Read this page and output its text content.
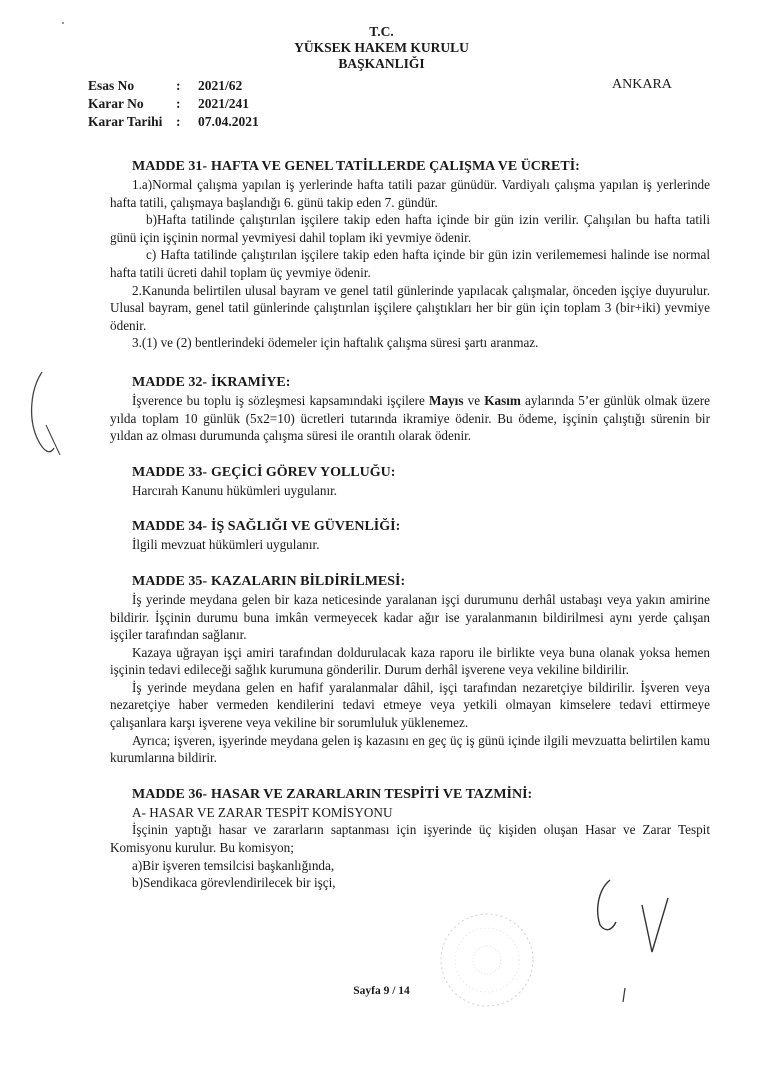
T.C.
YÜKSEK HAKEM KURULU
BAŞKANLIĞI
Esas No	: 2021/62
Karar No : 2021/241
Karar Tarihi : 07.04.2021
ANKARA
MADDE 31- HAFTA VE GENEL TATİLLERDE ÇALIŞMA VE ÜCRETİ:

1.a)Normal çalışma yapılan iş yerlerinde hafta tatili pazar günüdür. Vardiyalı çalışma yapılan iş yerlerinde hafta tatili, çalışmaya başlandığı 6. günü takip eden 7. gündür.

b)Hafta tatilinde çalıştırılan işçilere takip eden hafta içinde bir gün izin verilir. Çalışılan bu hafta tatili günü için işçinin normal yevmiyesi dahil toplam iki yevmiye ödenir.

c) Hafta tatilinde çalıştırılan işçilere takip eden hafta içinde bir gün izin verilememesi halinde ise normal hafta tatili ücreti dahil toplam üç yevmiye ödenir.

2.Kanunda belirtilen ulusal bayram ve genel tatil günlerinde yapılacak çalışmalar, önceden işçiye duyurulur. Ulusal bayram, genel tatil günlerinde çalıştırılan işçilere çalıştıkları her bir gün için toplam 3 (bir+iki) yevmiye ödenir.

3.(1) ve (2) bentlerindeki ödemeler için haftalık çalışma süresi şartı aranmaz.

MADDE 32- İKRAMİYE:

İşverence bu toplu iş sözleşmesi kapsamındaki işçilere Mayıs ve Kasım aylarında 5’er günlük olmak üzere yılda toplam 10 günlük (5x2=10) ücretleri tutarında ikramiye ödenir. Bu ödeme, işçinin çalıştığı sürenin bir yıldan az olması durumunda çalışma süresi ile orantılı olarak ödenir.

MADDE 33- GEÇİCİ GÖREV YOLLUĞU:

Harcırah Kanunu hükümleri uygulanır.

MADDE 34- İŞ SAĞLIĞI VE GÜVENLİĞİ:

İlgili mevzuat hükümleri uygulanır.

MADDE 35- KAZALARIN BİLDİRİLMESİ:

İş yerinde meydana gelen bir kaza neticesinde yaralanan işçi durumunu derhâl ustabaşı veya yakın amirine bildirir. İşçinin durumu buna imkân vermeyecek kadar ağır ise yaralanmanın bildirilmesi aynı yerde çalışan işçiler tarafından sağlanır.

Kazaya uğrayan işçi amiri tarafından doldurulacak kaza raporu ile birlikte veya buna olanak yoksa hemen işçinin tedavi edileceği sağlık kurumuna gönderilir. Durum derhâl işverene veya vekiline bildirilir.

İş yerinde meydana gelen en hafif yaralanmalar dâhil, işçi tarafından nezaretçiye bildirilir. İşveren veya nezaretçiye haber vermeden kendilerini tedavi etmeye veya yetkili olmayan kimselere tedavi ettirmeye çalışanlara karşı işverene veya vekiline bir sorumluluk yüklenemez.

Ayrıca; işveren, işyerinde meydana gelen iş kazasını en geç üç iş günü içinde ilgili mevzuatta belirtilen kamu kurumlarına bildirir.

MADDE 36- HASAR VE ZARARLARIN TESPİTİ VE TAZMİNİ:

A- HASAR VE ZARAR TESPİT KOMİSYONU

İşçinin yaptığı hasar ve zararların saptanması için işyerinde üç kişiden oluşan Hasar ve Zarar Tespit Komisyonu kurulur. Bu komisyon;

a)Bir işveren temsilcisi başkanlığında,

b)Sendikaca görevlendirilecek bir işçi,

Sayfa 9 / 14
